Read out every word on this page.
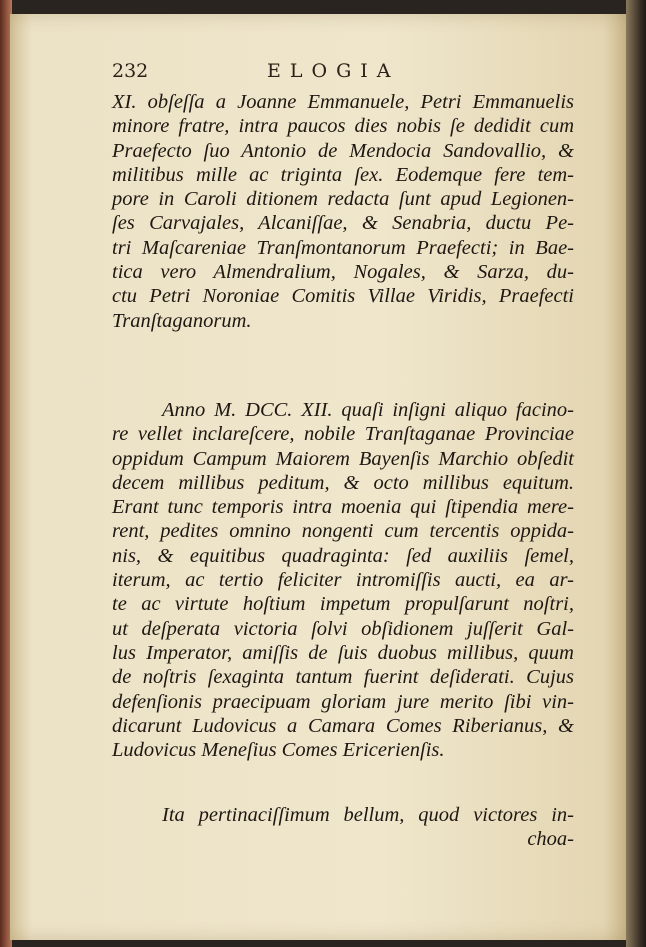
232	ELOGIA
XI. obſeſſa a Joanne Emmanuele, Petri Emmanuelis
minore fratre, intra paucos dies nobis ſe dedidit cum
Praefecto ſuo Antonio de Mendocia Sandovallio, &
militibus mille ac triginta ſex. Eodemque fere tem-
pore in Caroli ditionem redacta ſunt apud Legionen-
ſes Carvajales, Alcaniſſae, & Senabria, ductu Pe-
tri Maſcareniae Tranſmontanorum Praefecti; in Bae-
tica vero Almendralium, Nogales, & Sarza, du-
ctu Petri Noroniae Comitis Villae Viridis, Praefecti
Tranſtaganorum.
Anno M. DCC. XII. quaſi inſigni aliquo facino-
re vellet inclareſcere, nobile Tranſtaganae Provinciae
oppidum Campum Maiorem Bayenſis Marchio obſedit
decem millibus peditum, & octo millibus equitum.
Erant tunc temporis intra moenia qui ſtipendia mere-
rent, pedites omnino nongenti cum tercentis oppida-
nis, & equitibus quadraginta: ſed auxiliis ſemel,
iterum, ac tertio feliciter intromiſſis aucti, ea ar-
te ac virtute hoſtium impetum propulſarunt noſtri,
ut deſperata victoria ſolvi obſidionem juſſerit Gal-
lus Imperator, amiſſis de ſuis duobus millibus, quum
de noſtris ſexaginta tantum fuerint deſiderati. Cujus
defenſionis praecipuam gloriam jure merito ſibi vin-
dicarunt Ludovicus a Camara Comes Riberianus, &
Ludovicus Meneſius Comes Ericerienſis.
Ita pertinaciſſimum bellum, quod victores in-
choa-
